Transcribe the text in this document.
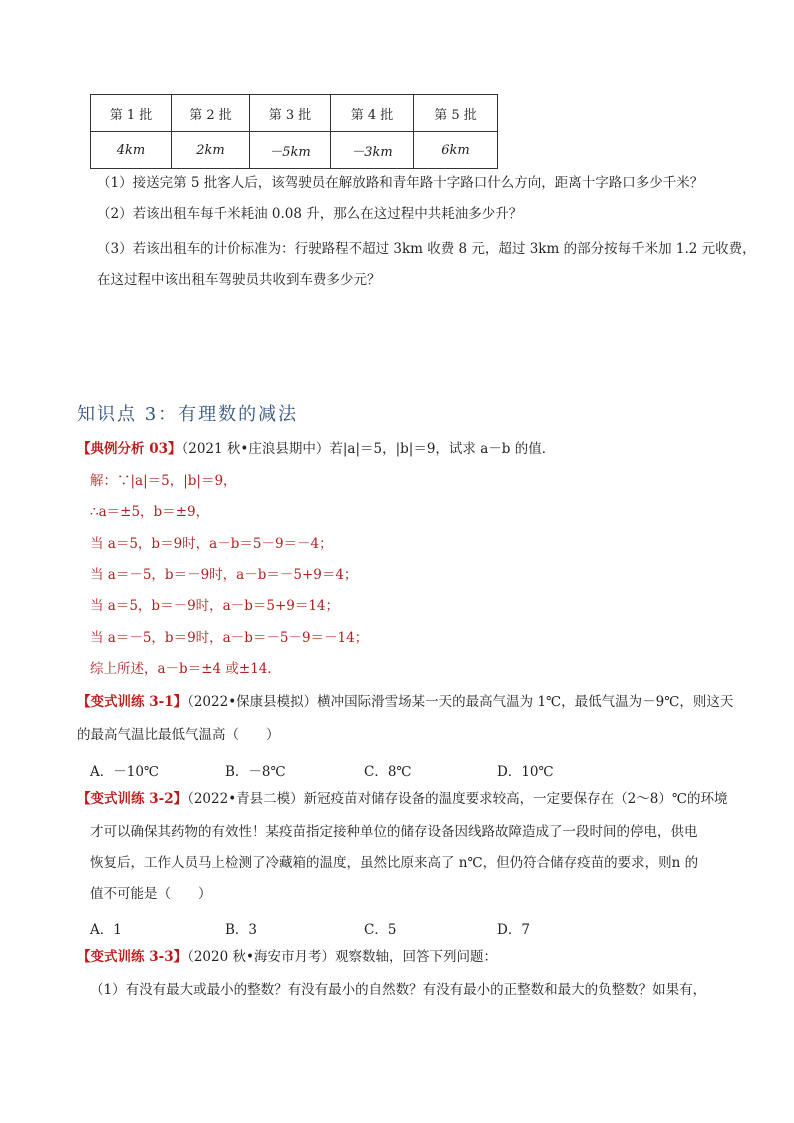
第 1 批	第 2 批	第 3 批	第 4 批	第 5 批
4km	2km	－5km	－3km	6km
（1）接送完第 5 批客人后，该驾驶员在解放路和青年路十字路口什么方向，距离十字路口多少千米？
（2）若该出租车每千米耗油 0.08 升，那么在这过程中共耗油多少升？
（3）若该出租车的计价标准为：行驶路程不超过 3km 收费 8 元，超过 3km 的部分按每千米加 1.2 元收费，
在这过程中该出租车驾驶员共收到车费多少元？
知识点 3：有理数的减法
【典例分析 03】（2021 秋•庄浪县期中）若|a|＝5，|b|＝9，试求 a－b 的值．
解：∵|a|＝5，|b|＝9，
∴a＝±5，b＝±9，
当 a＝5，b＝9时，a－b＝5－9＝－4；
当 a＝－5，b＝－9时，a－b＝－5+9＝4；
当 a＝5，b＝－9时，a－b＝5+9＝14；
当 a＝－5，b＝9时，a－b＝－5－9＝－14；
综上所述，a－b＝±4 或±14．
【变式训练 3-1】（2022•保康县模拟）横冲国际滑雪场某一天的最高气温为 1℃，最低气温为－9℃，则这天
的最高气温比最低气温高（　　）
A．－10℃	B．－8℃	C．8℃	D．10℃
【变式训练 3-2】（2022•青县二模）新冠疫苗对储存设备的温度要求较高，一定要保存在（2～8）℃的环境
才可以确保其药物的有效性！某疫苗指定接种单位的储存设备因线路故障造成了一段时间的停电，供电
恢复后，工作人员马上检测了冷藏箱的温度，虽然比原来高了 n℃，但仍符合储存疫苗的要求，则n 的
值不可能是（　　）
A．1	B．3	C．5	D．7
【变式训练 3-3】（2020 秋•海安市月考）观察数轴，回答下列问题：
（1）有没有最大或最小的整数？有没有最小的自然数？有没有最小的正整数和最大的负整数？如果有，
